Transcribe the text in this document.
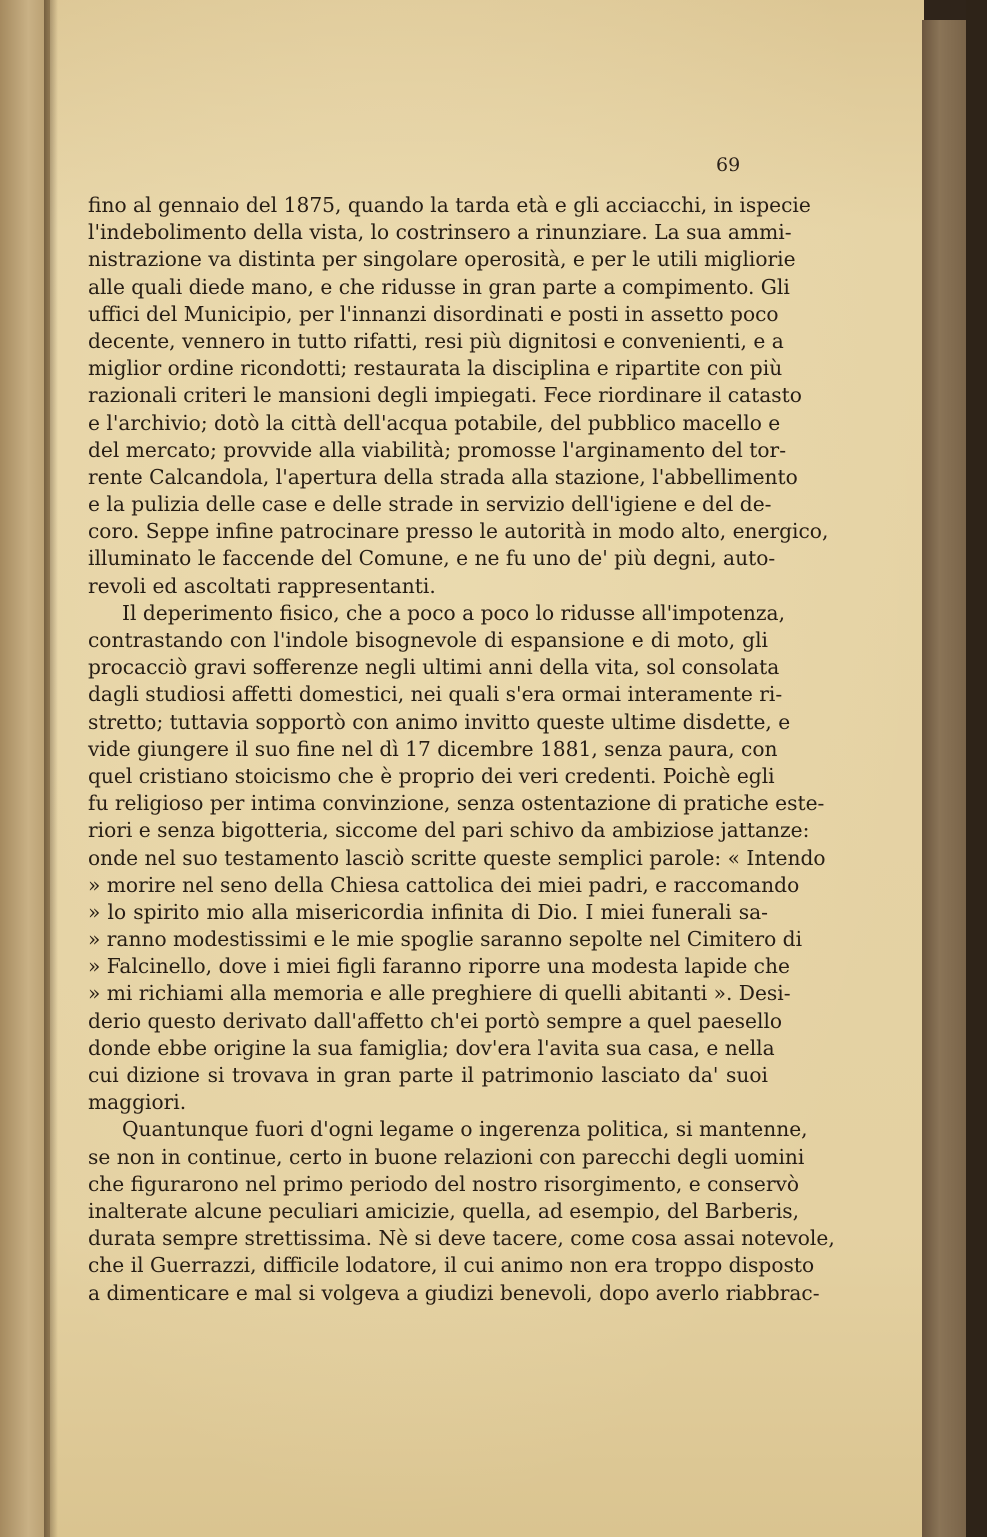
69
fino al gennaio del 1875, quando la tarda età e gli acciacchi, in ispecie
l'indebolimento della vista, lo costrinsero a rinunziare. La sua ammi-
nistrazione va distinta per singolare operosità, e per le utili migliorie
alle quali diede mano, e che ridusse in gran parte a compimento. Gli
uffici del Municipio, per l'innanzi disordinati e posti in assetto poco
decente, vennero in tutto rifatti, resi più dignitosi e convenienti, e a
miglior ordine ricondotti; restaurata la disciplina e ripartite con più
razionali criteri le mansioni degli impiegati. Fece riordinare il catasto
e l'archivio; dotò la città dell'acqua potabile, del pubblico macello e
del mercato; provvide alla viabilità; promosse l'arginamento del tor-
rente Calcandola, l'apertura della strada alla stazione, l'abbellimento
e la pulizia delle case e delle strade in servizio dell'igiene e del de-
coro. Seppe infine patrocinare presso le autorità in modo alto, energico,
illuminato le faccende del Comune, e ne fu uno de' più degni, auto-
revoli ed ascoltati rappresentanti.
Il deperimento fisico, che a poco a poco lo ridusse all'impotenza,
contrastando con l'indole bisognevole di espansione e di moto, gli
procacciò gravi sofferenze negli ultimi anni della vita, sol consolata
dagli studiosi affetti domestici, nei quali s'era ormai interamente ri-
stretto; tuttavia sopportò con animo invitto queste ultime disdette, e
vide giungere il suo fine nel dì 17 dicembre 1881, senza paura, con
quel cristiano stoicismo che è proprio dei veri credenti. Poichè egli
fu religioso per intima convinzione, senza ostentazione di pratiche este-
riori e senza bigotteria, siccome del pari schivo da ambiziose jattanze:
onde nel suo testamento lasciò scritte queste semplici parole: « Intendo
» morire nel seno della Chiesa cattolica dei miei padri, e raccomando
» lo spirito mio alla misericordia infinita di Dio. I miei funerali sa-
» ranno modestissimi e le mie spoglie saranno sepolte nel Cimitero di
» Falcinello, dove i miei figli faranno riporre una modesta lapide che
» mi richiami alla memoria e alle preghiere di quelli abitanti ». Desi-
derio questo derivato dall'affetto ch'ei portò sempre a quel paesello
donde ebbe origine la sua famiglia; dov'era l'avita sua casa, e nella
cui dizione si trovava in gran parte il patrimonio lasciato da' suoi
maggiori.
Quantunque fuori d'ogni legame o ingerenza politica, si mantenne,
se non in continue, certo in buone relazioni con parecchi degli uomini
che figurarono nel primo periodo del nostro risorgimento, e conservò
inalterate alcune peculiari amicizie, quella, ad esempio, del Barberis,
durata sempre strettissima. Nè si deve tacere, come cosa assai notevole,
che il Guerrazzi, difficile lodatore, il cui animo non era troppo disposto
a dimenticare e mal si volgeva a giudizi benevoli, dopo averlo riabbrac-
